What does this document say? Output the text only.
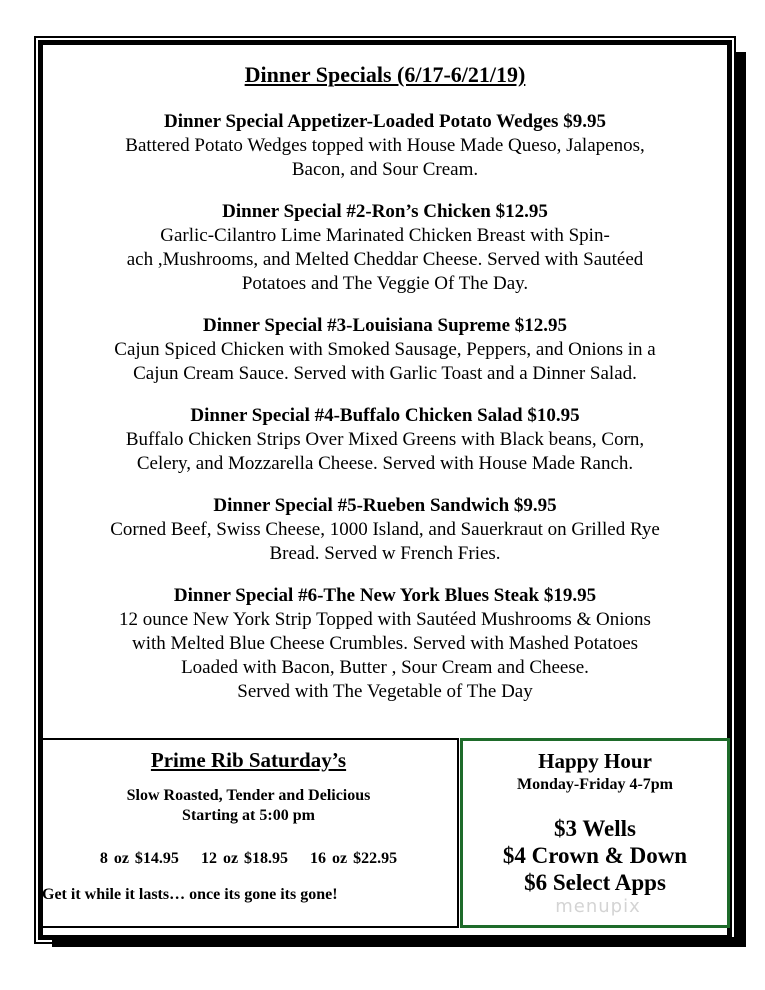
Dinner Specials (6/17-6/21/19)
Dinner Special Appetizer-Loaded Potato Wedges $9.95
Battered Potato Wedges topped with House Made Queso, Jalapenos,
Bacon, and Sour Cream.
Dinner Special #2-Ron’s Chicken $12.95
Garlic-Cilantro Lime Marinated Chicken Breast with Spin-
ach ,Mushrooms, and Melted Cheddar Cheese. Served with Sautéed
Potatoes and The Veggie Of The Day.
Dinner Special #3-Louisiana Supreme $12.95
Cajun Spiced Chicken with Smoked Sausage, Peppers, and Onions in a
Cajun Cream Sauce. Served with Garlic Toast and a Dinner Salad.
Dinner Special #4-Buffalo Chicken Salad $10.95
Buffalo Chicken Strips Over Mixed Greens with Black beans, Corn,
Celery, and Mozzarella Cheese. Served with House Made Ranch.
Dinner Special #5-Rueben Sandwich $9.95
Corned Beef, Swiss Cheese, 1000 Island, and Sauerkraut on Grilled Rye
Bread. Served w French Fries.
Dinner Special #6-The New York Blues Steak $19.95
12 ounce New York Strip Topped with Sautéed Mushrooms & Onions
with Melted Blue Cheese Crumbles. Served with Mashed Potatoes
Loaded with Bacon, Butter , Sour Cream and Cheese.
Served with The Vegetable of The Day
Prime Rib Saturday’s
Slow Roasted, Tender and Delicious
Starting at 5:00 pm
8 oz $14.95 12 oz $18.95 16 oz $22.95
Get it while it lasts… once its gone its gone!
Happy Hour
Monday-Friday 4-7pm
$3 Wells
$4 Crown & Down
$6 Select Apps
menupix
